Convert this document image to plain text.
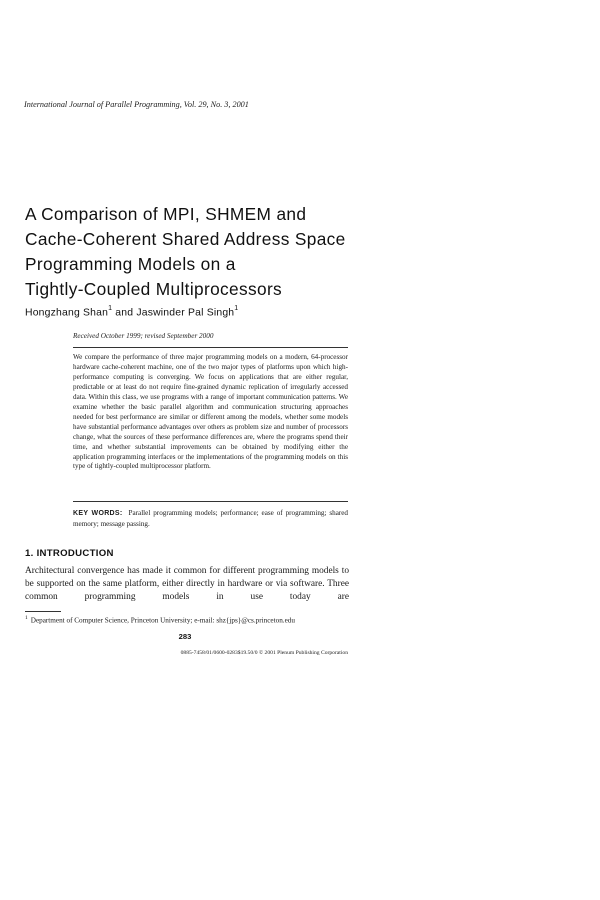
International Journal of Parallel Programming, Vol. 29, No. 3, 2001
A Comparison of MPI, SHMEM and
Cache-Coherent Shared Address Space
Programming Models on a
Tightly-Coupled Multiprocessors
Hongzhang Shan$^1$ and Jaswinder Pal Singh$^1$
Received October 1999; revised September 2000
We compare the performance of three major programming models on a modern, 64-processor hardware cache-coherent machine, one of the two major types of platforms upon which high-performance computing is converging. We focus on applications that are either regular, predictable or at least do not require fine-grained dynamic replication of irregularly accessed data. Within this class, we use programs with a range of important communication patterns. We examine whether the basic parallel algorithm and communication structuring approaches needed for best performance are similar or different among the models, whether some models have substantial performance advantages over others as problem size and number of processors change, what the sources of these performance differences are, where the programs spend their time, and whether substantial improvements can be obtained by modifying either the application programming interfaces or the implementations of the programming models on this type of tightly-coupled multiprocessor platform.
KEY WORDS: Parallel programming models; performance; ease of programming; shared memory; message passing.
1. INTRODUCTION
Architectural convergence has made it common for different programming models to be supported on the same platform, either directly in hardware or via software. Three common programming models in use today are
$^1$ Department of Computer Science, Princeton University; e-mail: shz{jps}@cs.princeton.edu
283
0885-7458/01/0600-0283$19.50/0 © 2001 Plenum Publishing Corporation
